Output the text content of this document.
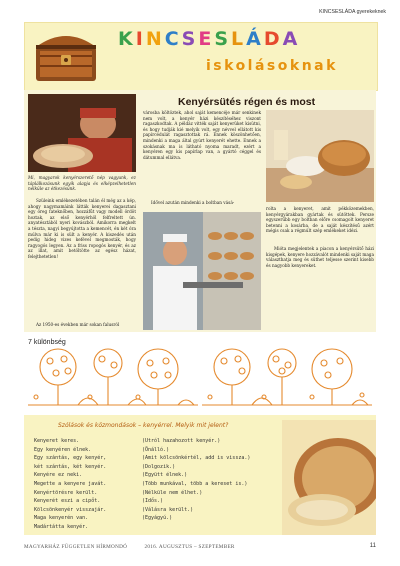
KINCSESLÁDA gyerekeknek
KINCSESLÁDA
iskolásoknak
Mi, magyarok kenyérszerető nép vagyunk, ez táplálkozásunk egyik alapja és elképzelhetetlen nélküle az étkezésünk.
Szüleink emlékezetében talán él még az a kép, ahogy nagymamáink látták kenyerei dagasztani egy öreg fateknőben, hozzáfűt vagy modell ördöt hoztak, az első kenyérhöl felfreltett ún. anyatésztából nyeri kovászból. Amikorra megkelt a tészta, nagyi begyújtotta a kemencét, én két óra múlva már ki is sült a kenyér. A kiszedés után pedig hideg vizes kefével megmosták, hogy ragyogós legyen. Az a friss ropogós kenyér, és az az illat, amit betöltötte az egész házat, felejthetetlen!
Az 1950-es években már sokan falusról
Kenyérsütés régen és most
városba költöztek, ahol saját kemencéje már senkinek nem volt, a kenyér házi készítéséhez viszont ragaszkodtak. A példáz vitték saját kenyerüket kisütni, és hogy tudják kié melyik volt, egy névvel ellátott kis papírcédulát ragasztottak rá. Ennek köszönhetően, mindenki a maga által gyúrt kenyerét ehette. Ennek a szokásnak ma is látható nyoma maradt, ezért a kenyéren egy kis papírlap van, a gyártó céggel és dátummal ellátva.
Idővel azután mindenki a boltban vásá-
rolta a kenyeret, amit pékközemekben, kenyérgyárakban gyártak és sütöttek. Persze egyszerűbb egy boltban előre csomagolt kenyeret betenni a kosárba, de a saját készítésű azért mégis csak a régmúlt szép emlékeket idézi.
Mióta megjelentek a piacon a kenyérsütő házi kisgépek, kenyere hozzávalót mindenki saját maga választhatja meg és süthet teljesse szerint kisebb és nagyobb kenyereket.
7 különbség
Szólások és közmondások – kenyérrel. Melyik mit jelent?
Kenyeret keres.
Egy kenyéren élnek.
Egy szántás, egy kenyér,
két szántás, két kenyér.
Kenyére ez neki.
Megette a kenyere javát.
Kenyértörésre került.
Kenyerét eszi a cipőt.
Kölcsönkenyér visszajár.
Maga kenyerén van.
Madártátta kenyér.
(Utról hazahozott kenyér.)
(Önálló.)
(Amit kölcsönkértél, add is vissza.)
(Dolgozik.)
(Együtt élnek.)
(Több munkával, több a kereset is.)
(Nélküle nem élhet.)
(Idős.)
(Válásra került.)
(Egyágyú.)
MAGYARHÁZ FÜGGETLEN HÍRMONDÓ	2016. AUGUSZTUS – SZEPTEMBER	11
